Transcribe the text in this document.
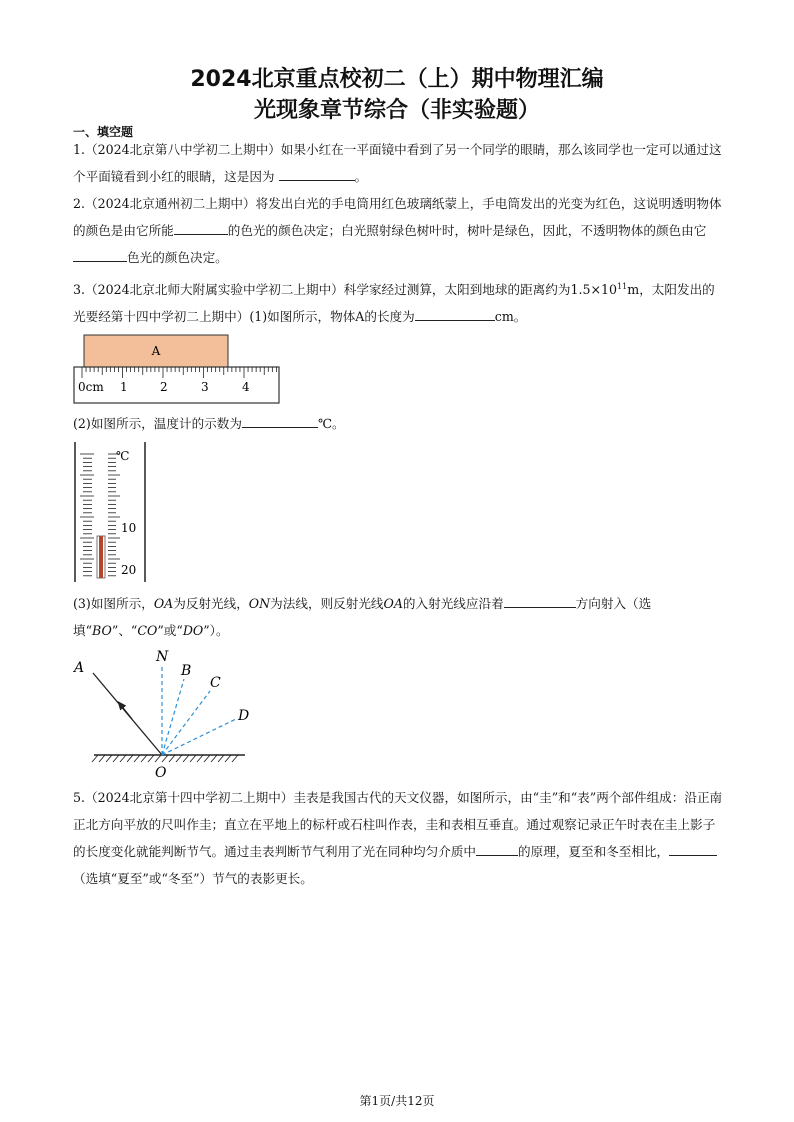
2024北京重点校初二（上）期中物理汇编
光现象章节综合（非实验题）
一、填空题
1.（2024北京第八中学初二上期中）如果小红在一平面镜中看到了另一个同学的眼睛，那么该同学也一定可以通过这个平面镜看到小红的眼睛，这是因为	。
2.（2024北京通州初二上期中）将发出白光的手电筒用红色玻璃纸蒙上，手电筒发出的光变为红色，这说明透明物体的颜色是由它所能	的色光的颜色决定；白光照射绿色树叶时，树叶是绿色，因此，不透明物体的颜色由它色光的颜色决定。
3.（2024北京北师大附属实验中学初二上期中）科学家经过测算，太阳到地球的距离约为$1.5\times 10^{11}m$，太阳发出的光要经第十四中学初二上期中）(1)如图所示，物体A的长度为	cm。
A
0cm 1	2	3	4
(2)如图所示，温度计的示数为	℃。
℃
10
20
(3)如图所示，OA为反射光线，ON为法线，则反射光线OA的入射光线应沿着	方向射入（选填“BO”、“CO”或“DO”）。
A
N
B
C
D
O
5.（2024北京第十四中学初二上期中）圭表是我国古代的天文仪器，如图所示，由“圭”和“表”两个部件组成：沿正南正北方向平放的尺叫作圭；直立在平地上的标杆或石柱叫作表，圭和表相互垂直。通过观察记录正午时表在圭上影子的长度变化就能判断节气。通过圭表判断节气利用了光在同种均匀介质中	的原理，夏至和冬至相比，（选填“夏至”或“冬至”）节气的表影更长。
第1页/共12页
